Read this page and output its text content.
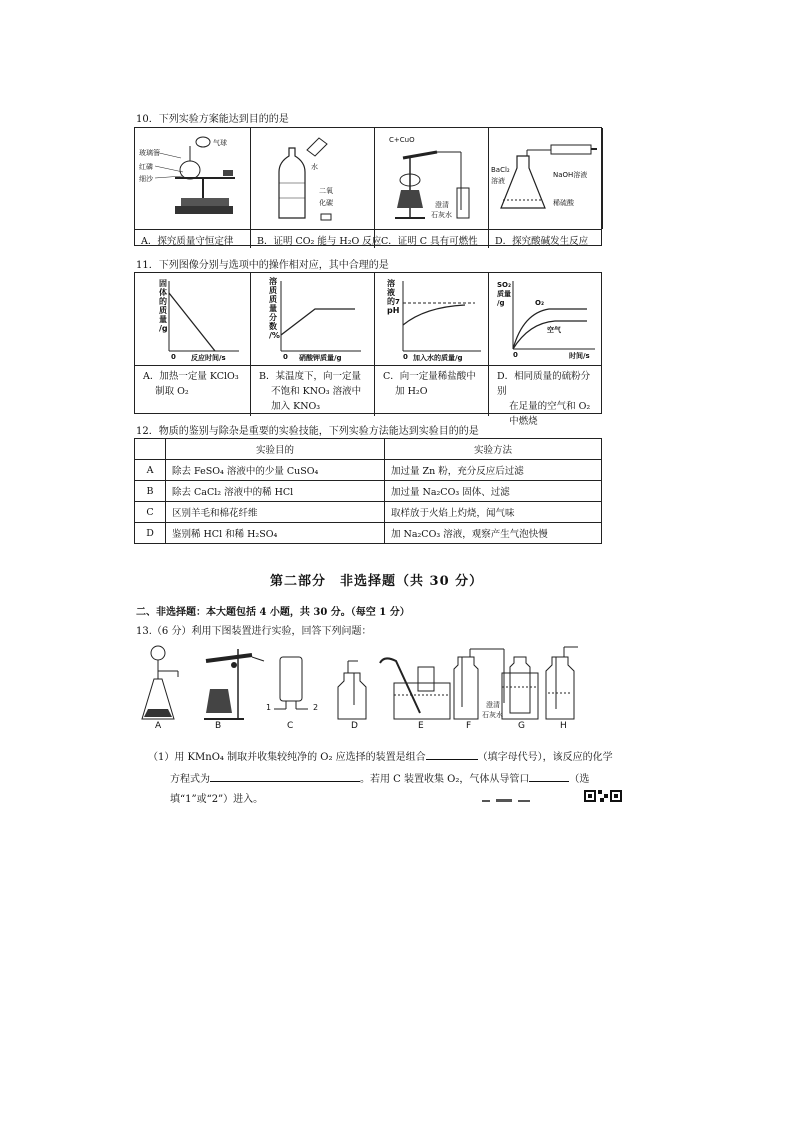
10．下列实验方案能达到目的的是
玻璃管
气球
红磷
细沙
水
二氧
化碳
C+CuO
澄清
石灰水
BaCl₂
溶液
NaOH溶液
稀硫酸
A．探究质量守恒定律	B．证明 CO₂ 能与 H₂O 反应 C．证明 C 具有可燃性	D．探究酸碱发生反应
11．下列图像分别与选项中的操作相对应，其中合理的是
固
体
的
质
量
/g
0 反应时间/s
溶
质
质
量
分
数
/%
0 硝酸钾质量/g
溶
液
的
pH
7
0 加入水的质量/g
SO₂
质量
/g	O₂
空气
0	时间/s
A．加热一定量 KClO₃
制取 O₂
B．某温度下，向一定量
不饱和 KNO₃ 溶液中
加入 KNO₃
C．向一定量稀盐酸中
加 H₂O
D．相同质量的硫粉分别
在足量的空气和 O₂
中燃烧
12．物质的鉴别与除杂是重要的实验技能，下列实验方法能达到实验目的的是
	实验目的	实验方法
A	除去 FeSO₄ 溶液中的少量 CuSO₄	加过量 Zn 粉，充分反应后过滤
B	除去 CaCl₂ 溶液中的稀 HCl	加过量 Na₂CO₃ 固体、过滤
C	区别羊毛和棉花纤维	取样放于火焰上灼烧，闻气味
D	鉴别稀 HCl 和稀 H₂SO₄	加 Na₂CO₃ 溶液，观察产生气泡快慢
第二部分　非选择题（共 30 分）
二、非选择题：本大题包括 4 小题，共 30 分。（每空 1 分）
13.（6 分）利用下图装置进行实验，回答下列问题：
A	B	C	D	E	F	G	H
1	2	澄清
石灰水
（1）用 KMnO₄ 制取并收集较纯净的 O₂ 应选择的装置是组合	（填字母代号），该反应的化学
方程式为	。若用 C 装置收集 O₂，气体从导管口	（选
填“1”或“2”）进入。
